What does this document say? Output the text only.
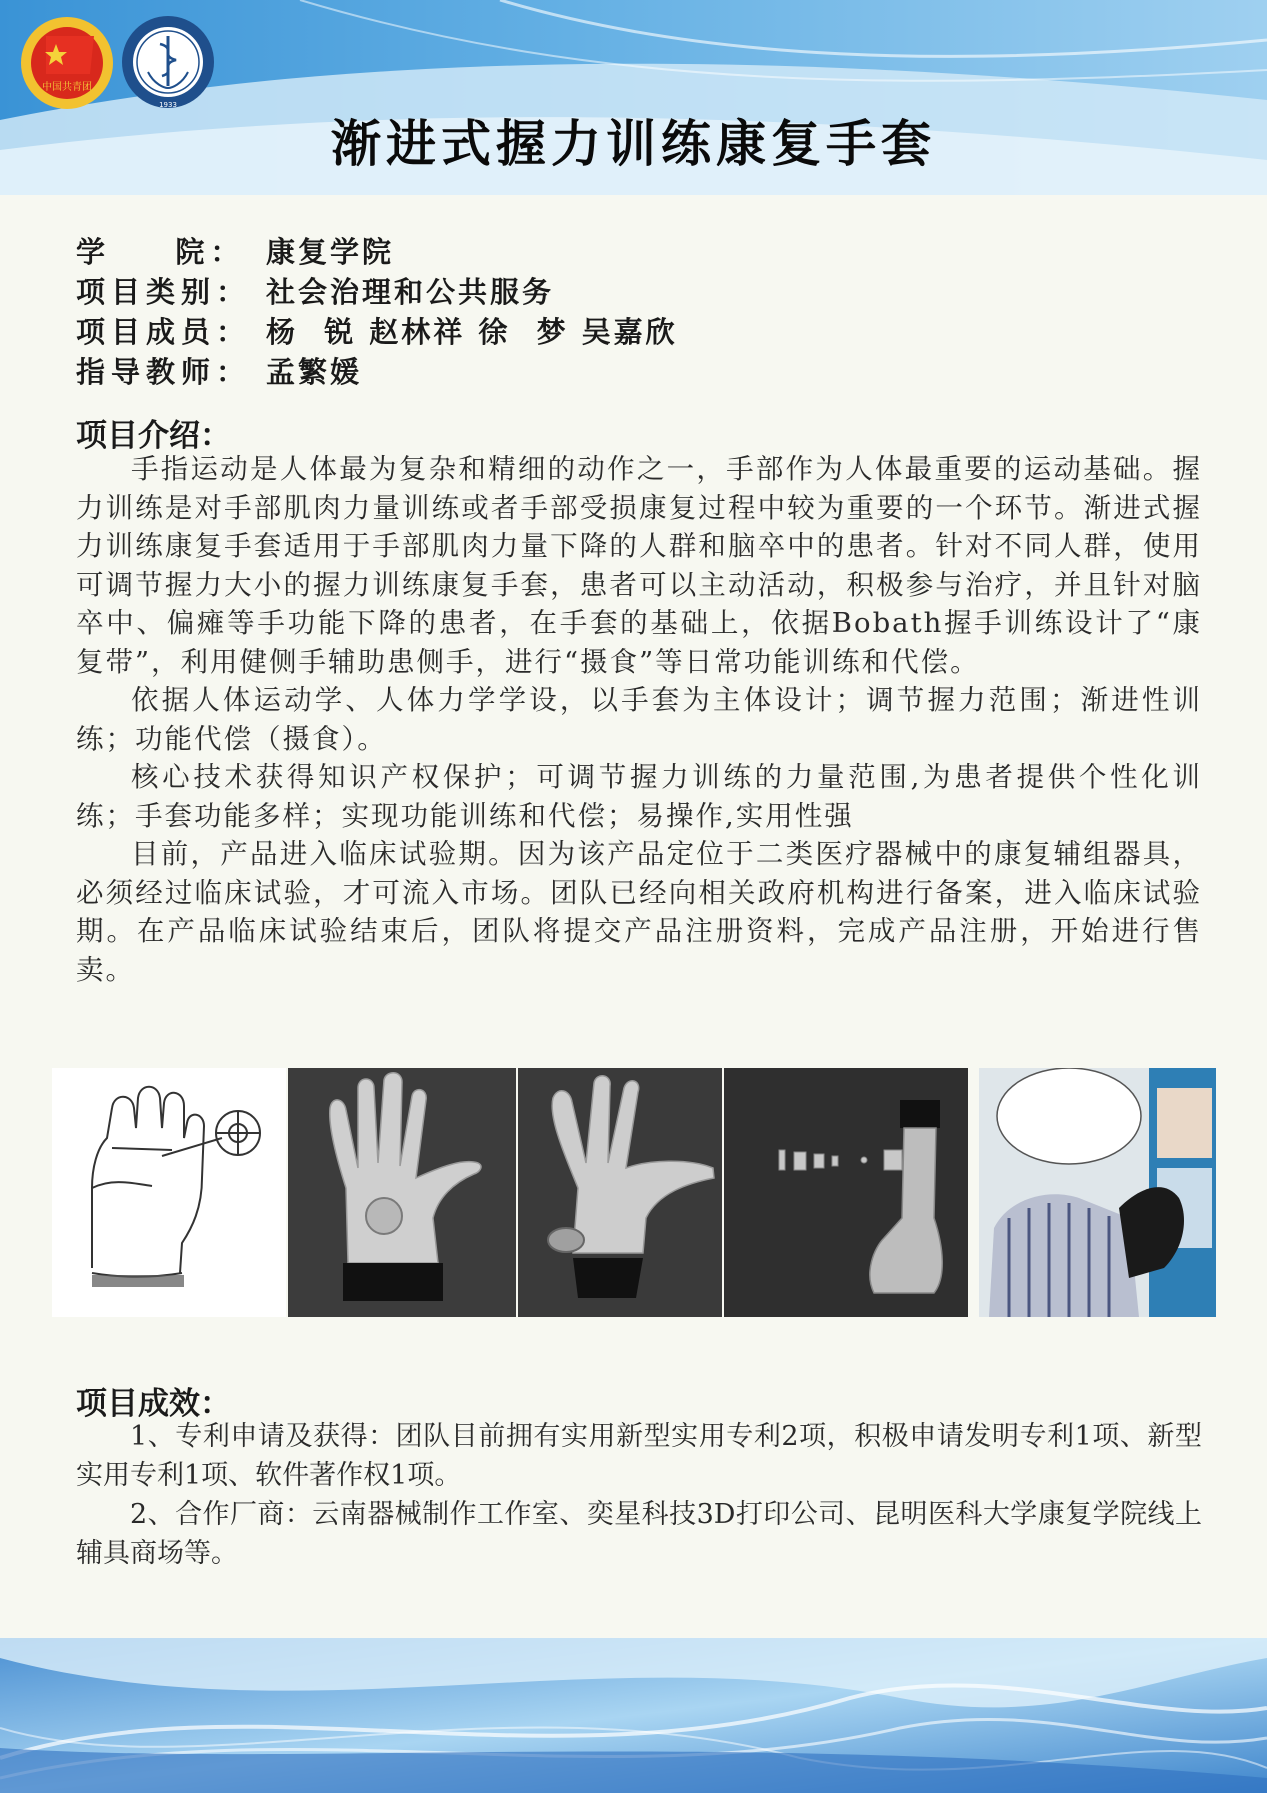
中国共青团
1933
渐进式握力训练康复手套
学    院： 康复学院
项目类别： 社会治理和公共服务
项目成员： 杨  锐 赵林祥 徐  梦 吴嘉欣
指导教师： 孟繁媛
项目介绍：

手指运动是人体最为复杂和精细的动作之一，手部作为人体最重要的运动基础。握力训练是对手部肌肉力量训练或者手部受损康复过程中较为重要的一个环节。渐进式握力训练康复手套适用于手部肌肉力量下降的人群和脑卒中的患者。针对不同人群，使用可调节握力大小的握力训练康复手套，患者可以主动活动，积极参与治疗，并且针对脑卒中、偏瘫等手功能下降的患者，在手套的基础上，依据Bobath握手训练设计了“康复带”，利用健侧手辅助患侧手，进行“摄食”等日常功能训练和代偿。

依据人体运动学、人体力学学设，以手套为主体设计；调节握力范围；渐进性训练；功能代偿（摄食）。

核心技术获得知识产权保护；可调节握力训练的力量范围,为患者提供个性化训练；手套功能多样；实现功能训练和代偿；易操作,实用性强

目前，产品进入临床试验期。因为该产品定位于二类医疗器械中的康复辅组器具，必须经过临床试验，才可流入市场。团队已经向相关政府机构进行备案，进入临床试验期。在产品临床试验结束后，团队将提交产品注册资料，完成产品注册，开始进行售卖。

项目成效：

1、专利申请及获得：团队目前拥有实用新型实用专利2项，积极申请发明专利1项、新型实用专利1项、软件著作权1项。

2、合作厂商：云南器械制作工作室、奕星科技3D打印公司、昆明医科大学康复学院线上辅具商场等。
